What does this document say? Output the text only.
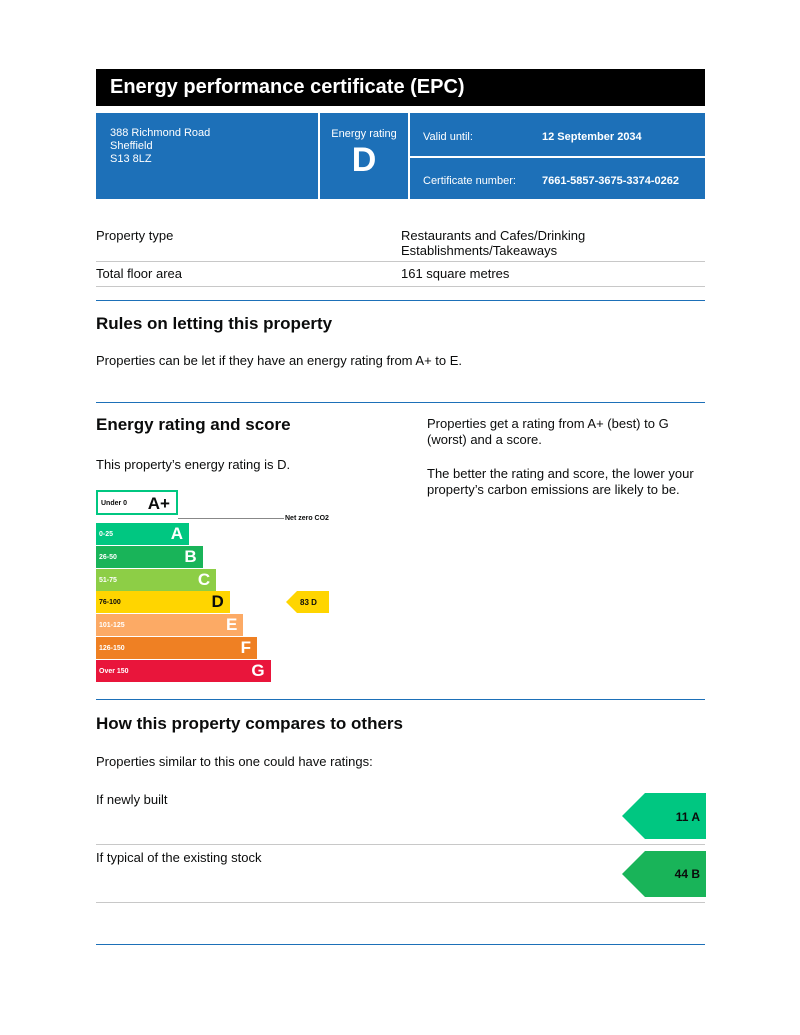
Energy performance certificate (EPC)
388 Richmond Road
Sheffield
S13 8LZ
Energy rating
D
Valid until:	12 September 2034
Certificate number: 7661-5857-3675-3374-0262
Property type	Restaurants and Cafes/Drinking
Establishments/Takeaways
Total floor area	161 square metres
Rules on letting this property
Properties can be let if they have an energy rating from A+ to E.
Energy rating and score
This property’s energy rating is D.
Properties get a rating from A+ (best) to G
(worst) and a score.
The better the rating and score, the lower your
property’s carbon emissions are likely to be.
Under 0 A+
Net zero CO2
0-25	A
26-50	B
51-75	C
76-100	D
101-125	E
126-150	F
Over 150	G
83 D
How this property compares to others
Properties similar to this one could have ratings:
If newly built
11 A
If typical of the existing stock
44 B
